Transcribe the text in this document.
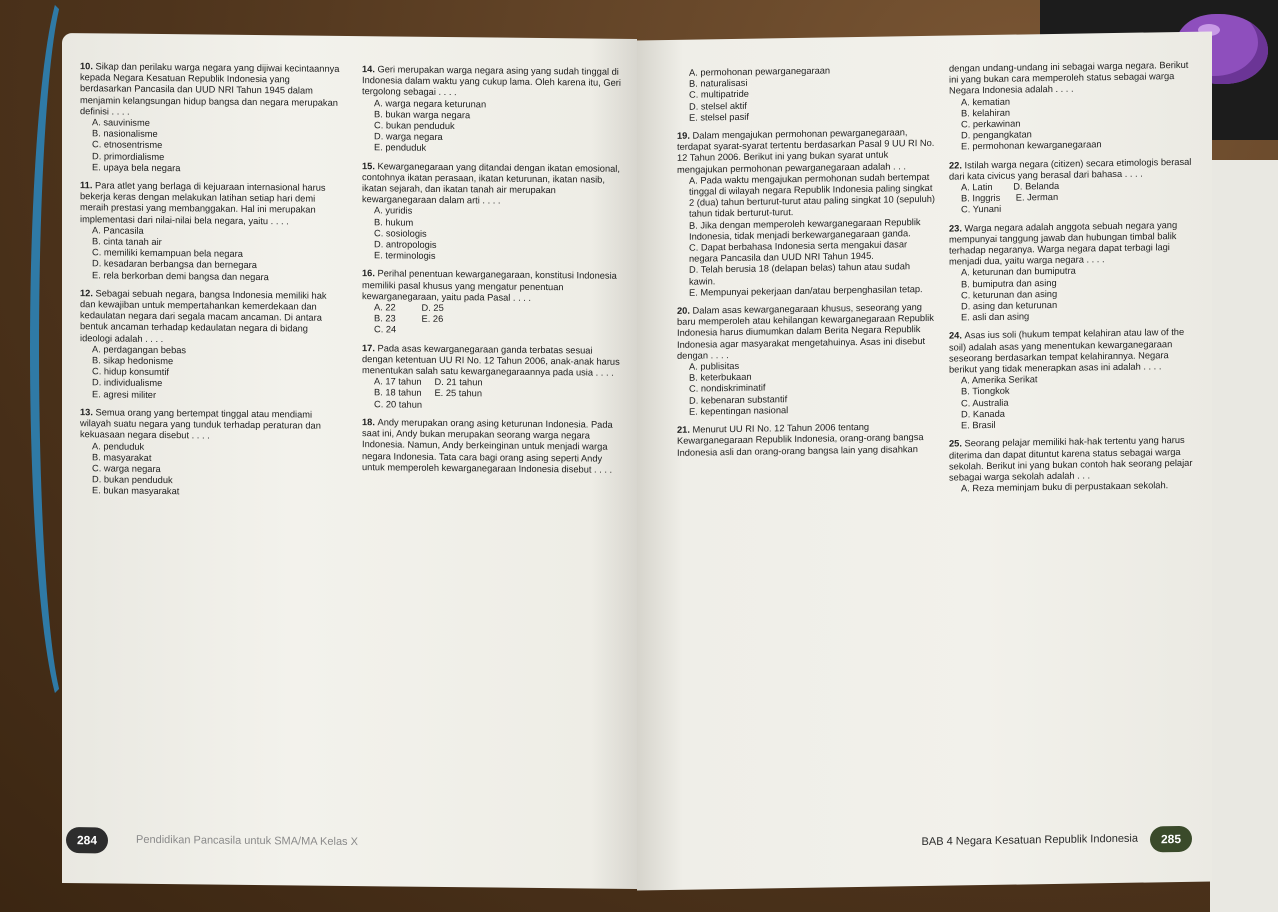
10. Sikap dan perilaku warga negara yang dijiwai kecintaannya kepada Negara Kesatuan Republik Indonesia yang berdasarkan Pancasila dan UUD NRI Tahun 1945 dalam menjamin kelangsungan hidup bangsa dan negara merupakan definisi . . . .

A. sauvinisme

B. nasionalisme

C. etnosentrisme

D. primordialisme

E. upaya bela negara

11. Para atlet yang berlaga di kejuaraan internasional harus bekerja keras dengan melakukan latihan setiap hari demi meraih prestasi yang membanggakan. Hal ini merupakan implementasi dari nilai-nilai bela negara, yaitu . . . .

A. Pancasila

B. cinta tanah air

C. memiliki kemampuan bela negara

D. kesadaran berbangsa dan bernegara

E. rela berkorban demi bangsa dan negara

12. Sebagai sebuah negara, bangsa Indonesia memiliki hak dan kewajiban untuk mempertahankan kemerdekaan dan kedaulatan negara dari segala macam ancaman. Di antara bentuk ancaman terhadap kedaulatan negara di bidang ideologi adalah . . . .

A. perdagangan bebas

B. sikap hedonisme

C. hidup konsumtif

D. individualisme

E. agresi militer

13. Semua orang yang bertempat tinggal atau mendiami wilayah suatu negara yang tunduk terhadap peraturan dan kekuasaan negara disebut . . . .

A. penduduk

B. masyarakat

C. warga negara

D. bukan penduduk

E. bukan masyarakat

14. Geri merupakan warga negara asing yang sudah tinggal di Indonesia dalam waktu yang cukup lama. Oleh karena itu, Geri tergolong sebagai . . . .

A. warga negara keturunan

B. bukan warga negara

C. bukan penduduk

D. warga negara

E. penduduk

15. Kewarganegaraan yang ditandai dengan ikatan emosional, contohnya ikatan perasaan, ikatan keturunan, ikatan nasib, ikatan sejarah, dan ikatan tanah air merupakan kewarganegaraan dalam arti . . . .

A. yuridis

B. hukum

C. sosiologis

D. antropologis

E. terminologis

16. Perihal penentuan kewarganegaraan, konstitusi Indonesia memiliki pasal khusus yang mengatur penentuan kewarganegaraan, yaitu pada Pasal . . . .

A. 22          D. 25

B. 23          E. 26

C. 24

17. Pada asas kewarganegaraan ganda terbatas sesuai dengan ketentuan UU RI No. 12 Tahun 2006, anak-anak harus menentukan salah satu kewarganegaraannya pada usia . . . .

A. 17 tahun     D. 21 tahun

B. 18 tahun     E. 25 tahun

C. 20 tahun

18. Andy merupakan orang asing keturunan Indonesia. Pada saat ini, Andy bukan merupakan seorang warga negara Indonesia. Namun, Andy berkeinginan untuk menjadi warga negara Indonesia. Tata cara bagi orang asing seperti Andy untuk memperoleh kewarganegaraan Indonesia disebut . . . .

284	Pendidikan Pancasila untuk SMA/MA Kelas X

A. permohonan pewarganegaraan

B. naturalisasi

C. multipatride

D. stelsel aktif

E. stelsel pasif

19. Dalam mengajukan permohonan pewarganegaraan, terdapat syarat-syarat tertentu berdasarkan Pasal 9 UU RI No. 12 Tahun 2006. Berikut ini yang bukan syarat untuk mengajukan permohonan pewarganegaraan adalah . . .

A. Pada waktu mengajukan permohonan sudah bertempat tinggal di wilayah negara Republik Indonesia paling singkat 2 (dua) tahun berturut-turut atau paling singkat 10 (sepuluh) tahun tidak berturut-turut.

B. Jika dengan memperoleh kewarganegaraan Republik Indonesia, tidak menjadi berkewarganegaraan ganda.

C. Dapat berbahasa Indonesia serta mengakui dasar negara Pancasila dan UUD NRI Tahun 1945.

D. Telah berusia 18 (delapan belas) tahun atau sudah kawin.

E. Mempunyai pekerjaan dan/atau berpenghasilan tetap.

20. Dalam asas kewarganegaraan khusus, seseorang yang baru memperoleh atau kehilangan kewarganegaraan Republik Indonesia harus diumumkan dalam Berita Negara Republik Indonesia agar masyarakat mengetahuinya. Asas ini disebut dengan . . . .

A. publisitas

B. keterbukaan

C. nondiskriminatif

D. kebenaran substantif

E. kepentingan nasional

21. Menurut UU RI No. 12 Tahun 2006 tentang Kewarganegaraan Republik Indonesia, orang-orang bangsa Indonesia asli dan orang-orang bangsa lain yang disahkan

dengan undang-undang ini sebagai warga negara. Berikut ini yang bukan cara memperoleh status sebagai warga Negara Indonesia adalah . . . .

A. kematian

B. kelahiran

C. perkawinan

D. pengangkatan

E. permohonan kewarganegaraan

22. Istilah warga negara (citizen) secara etimologis berasal dari kata civicus yang berasal dari bahasa . . . .

A. Latin        D. Belanda

B. Inggris      E. Jerman

C. Yunani

23. Warga negara adalah anggota sebuah negara yang mempunyai tanggung jawab dan hubungan timbal balik terhadap negaranya. Warga negara dapat terbagi lagi menjadi dua, yaitu warga negara . . . .

A. keturunan dan bumiputra

B. bumiputra dan asing

C. keturunan dan asing

D. asing dan keturunan

E. asli dan asing

24. Asas ius soli (hukum tempat kelahiran atau law of the soil) adalah asas yang menentukan kewarganegaraan seseorang berdasarkan tempat kelahirannya. Negara berikut yang tidak menerapkan asas ini adalah . . . .

A. Amerika Serikat

B. Tiongkok

C. Australia

D. Kanada

E. Brasil

25. Seorang pelajar memiliki hak-hak tertentu yang harus diterima dan dapat dituntut karena status sebagai warga sekolah. Berikut ini yang bukan contoh hak seorang pelajar sebagai warga sekolah adalah . . .

A. Reza meminjam buku di perpustakaan sekolah.

BAB 4 Negara Kesatuan Republik Indonesia	285
